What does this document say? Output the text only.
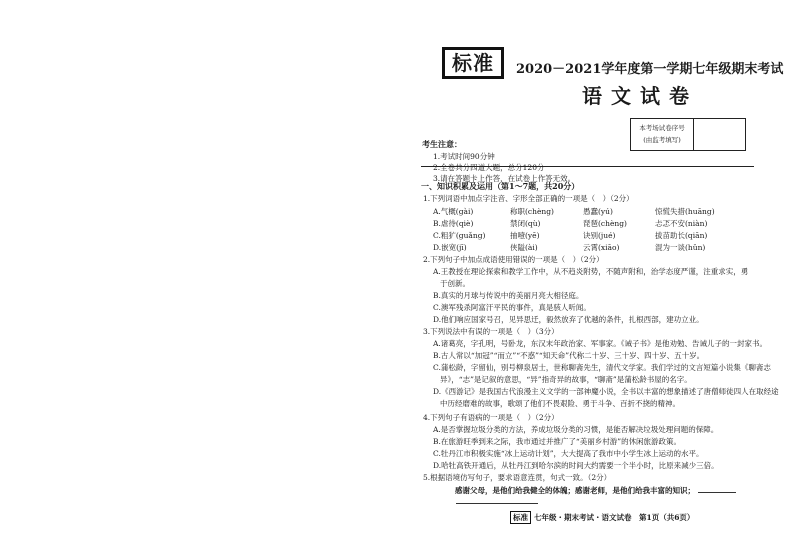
标准	2020－2021学年度第一学期七年级期末考试
语文试卷
考生注意：
1.考试时间90分钟
2.全卷共分四道大题，总分120分
3.请在答题卡上作答，在试卷上作答无效。
本考场试卷序号
(由监考填写)
一、知识积累及运用（第1～7题，共20分）
1.下列词语中加点字注音、字形全部正确的一项是（　）（2分）
A.气概(gài)	称职(chèng)	愚蠢(yú)	惊慌失措(huāng)
B.虐待(qiè)	禁闭(qù)	琵琶(chèng)	忐忑不安(niàn)
C.粗犷(guǎng)	抽噎(yē)	诀别(jué)	拔苗助长(qiān)
D.嵌宽(jī)	侠隘(ài)	云霄(xiāo)	混为一谈(hǔn)
2.下列句子中加点成语使用错误的一项是（　）（2分）
A.王教授在理论探索和教学工作中，从不趋炎附势，不随声附和，治学态度严谨，注重求实，勇
于创新。
B.真实的月球与传说中的美丽月亮大相径庭。
C.澳军残杀阿富汗平民的事件，真是骇人听闻。
D.他们响应国家号召，见异思迁，毅然放弃了优越的条件，扎根西部，建功立业。
3.下列说法中有误的一项是（　）（3分）
A.诸葛亮，字孔明，号卧龙，东汉末年政治家、军事家。《诫子书》是他劝勉、告诫儿子的一封家书。
B.古人常以“加冠”“而立”“不惑”“知天命”代称二十岁、三十岁、四十岁、五十岁。
C.蒲松龄，字留仙，别号柳泉居士，世称聊斋先生，清代文学家。我们学过的文言短篇小说集《聊斋志
异》，“志”是记叙的意思，“异”指奇异的故事，“聊斋”是蒲松龄书屋的名字。
D.《西游记》是我国古代浪漫主义文学的一部神魔小说，全书以丰富的想象描述了唐僧师徒四人在取经途
中历经磨难的故事，歌颂了他们不畏艰险、勇于斗争、百折不挠的精神。
4.下列句子有语病的一项是（　）（2分）
A.是否掌握垃圾分类的方法，养成垃圾分类的习惯，是能否解决垃圾处理问题的保障。
B.在旅游旺季到来之际，我市通过并推广了“美丽乡村游”的休闲旅游政策。
C.牡丹江市积极实施“冰上运动计划”，大大提高了我市中小学生冰上运动的水平。
D.哈牡高铁开通后，从牡丹江到哈尔滨的时间大约需要一个半小时，比原来减少三倍。
5.根据语境仿写句子，要求语意连贯，句式一致。（2分）
感谢父母，是他们给我健全的体魄；感谢老师，是他们给我丰富的知识；
标准 七年级・期末考试・语文试卷　第1页（共6页）
